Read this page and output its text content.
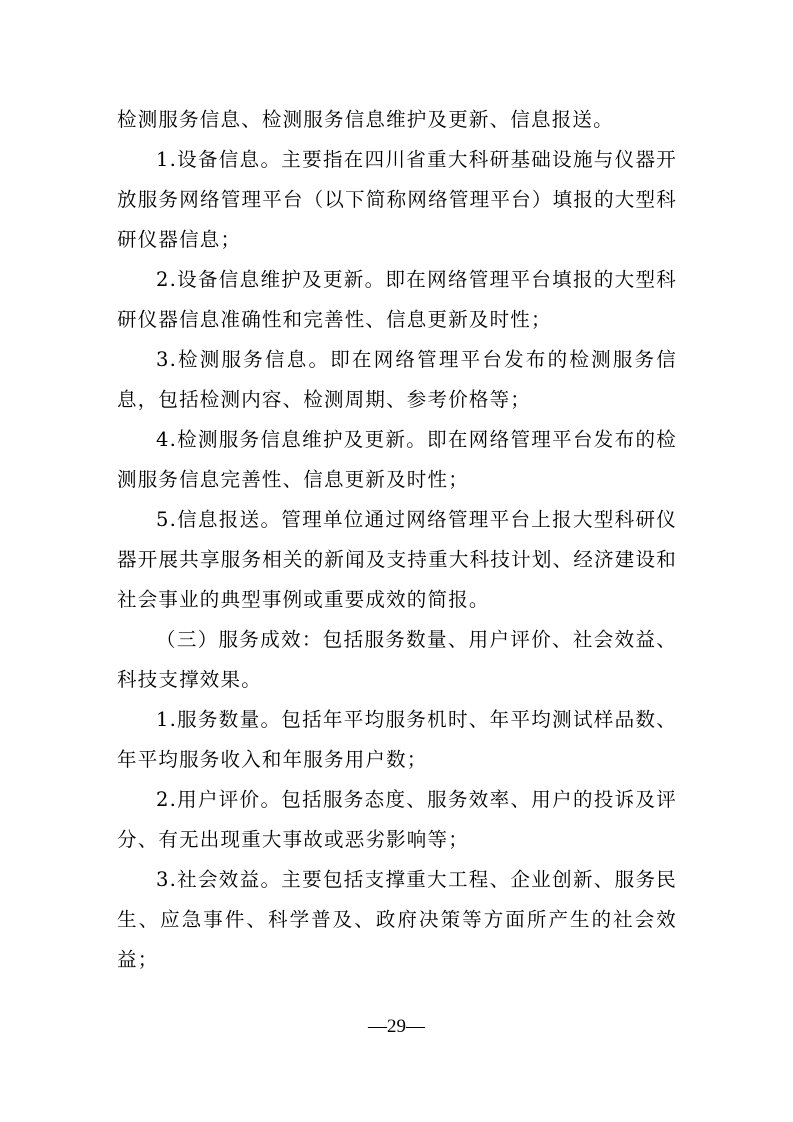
检测服务信息、检测服务信息维护及更新、信息报送。

1.设备信息。主要指在四川省重大科研基础设施与仪器开放服务网络管理平台（以下简称网络管理平台）填报的大型科研仪器信息；

2.设备信息维护及更新。即在网络管理平台填报的大型科研仪器信息准确性和完善性、信息更新及时性；

3.检测服务信息。即在网络管理平台发布的检测服务信息，包括检测内容、检测周期、参考价格等；

4.检测服务信息维护及更新。即在网络管理平台发布的检测服务信息完善性、信息更新及时性；

5.信息报送。管理单位通过网络管理平台上报大型科研仪器开展共享服务相关的新闻及支持重大科技计划、经济建设和社会事业的典型事例或重要成效的简报。

（三）服务成效：包括服务数量、用户评价、社会效益、科技支撑效果。

1.服务数量。包括年平均服务机时、年平均测试样品数、年平均服务收入和年服务用户数；

2.用户评价。包括服务态度、服务效率、用户的投诉及评分、有无出现重大事故或恶劣影响等；

3.社会效益。主要包括支撑重大工程、企业创新、服务民生、应急事件、科学普及、政府决策等方面所产生的社会效益；

—29—
